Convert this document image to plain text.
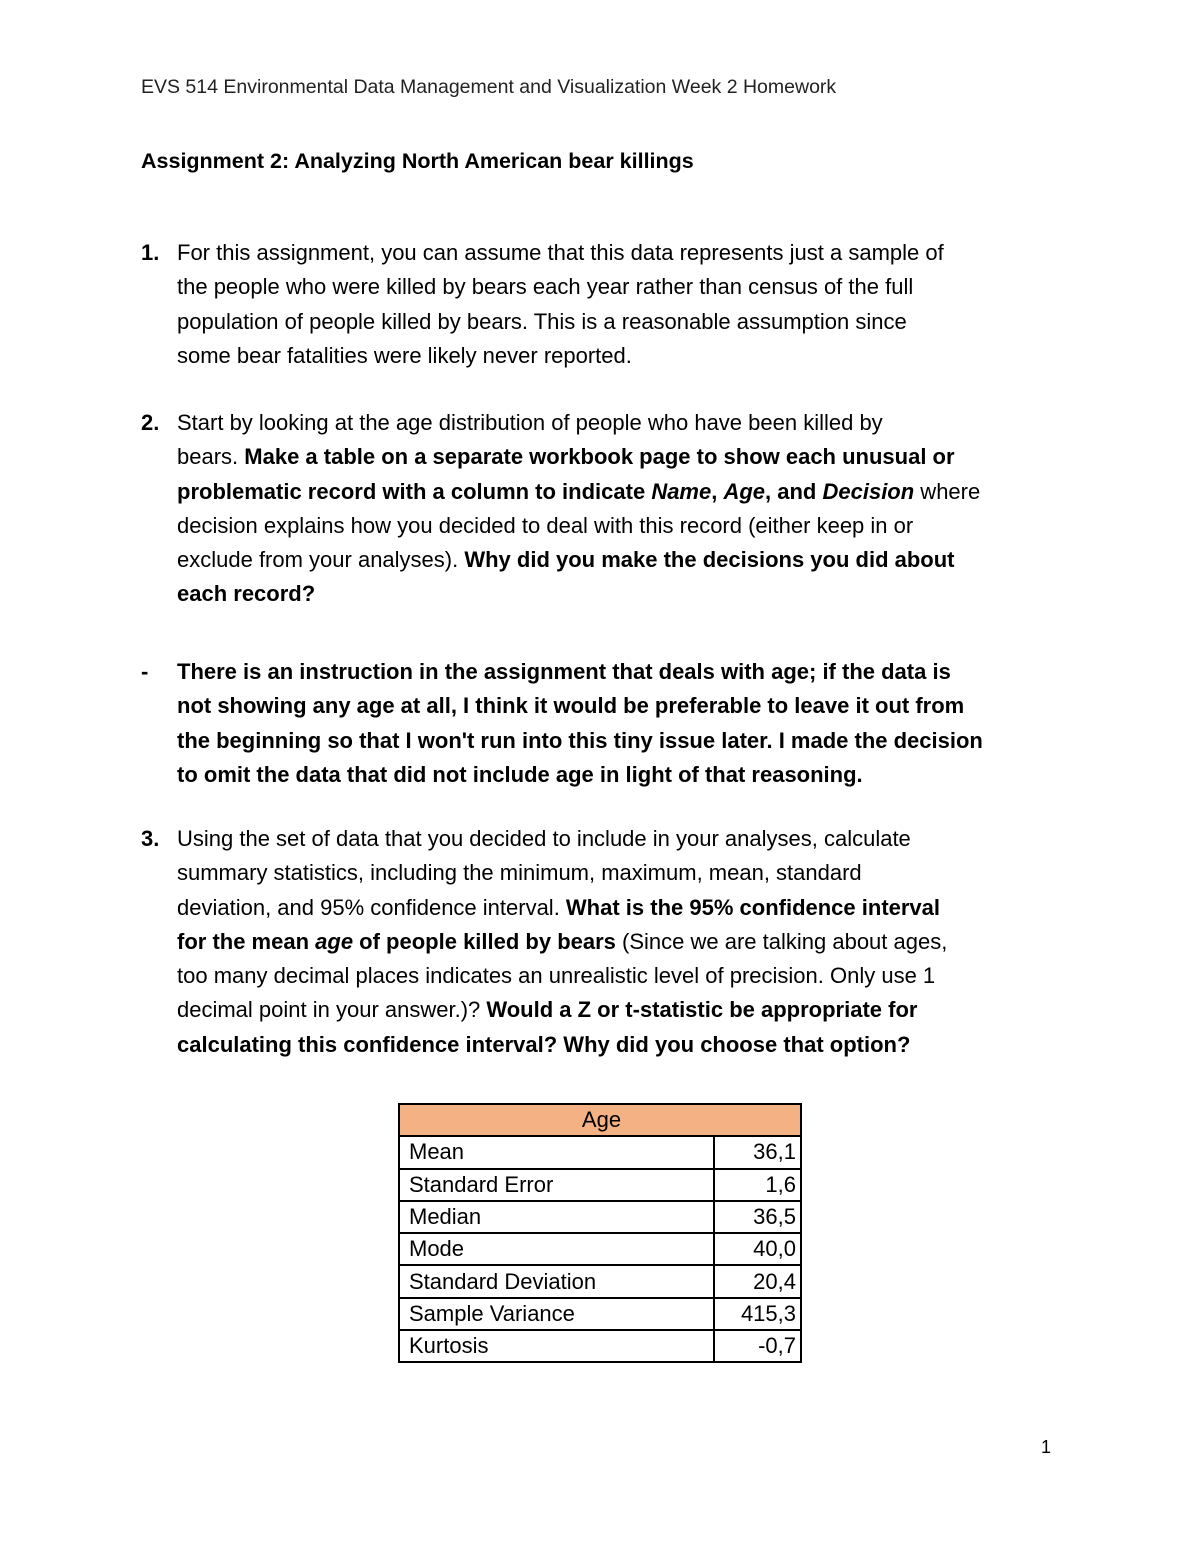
EVS 514 Environmental Data Management and Visualization Week 2 Homework
Assignment 2: Analyzing North American bear killings
1. For this assignment, you can assume that this data represents just a sample of
the people who were killed by bears each year rather than census of the full
population of people killed by bears. This is a reasonable assumption since
some bear fatalities were likely never reported.
2. Start by looking at the age distribution of people who have been killed by
bears. Make a table on a separate workbook page to show each unusual or
problematic record with a column to indicate Name, Age, and Decision where
decision explains how you decided to deal with this record (either keep in or
exclude from your analyses). Why did you make the decisions you did about
each record?
- There is an instruction in the assignment that deals with age; if the data is
not showing any age at all, I think it would be preferable to leave it out from
the beginning so that I won't run into this tiny issue later. I made the decision
to omit the data that did not include age in light of that reasoning.
3. Using the set of data that you decided to include in your analyses, calculate
summary statistics, including the minimum, maximum, mean, standard
deviation, and 95% confidence interval. What is the 95% confidence interval
for the mean age of people killed by bears (Since we are talking about ages,
too many decimal places indicates an unrealistic level of precision. Only use 1
decimal point in your answer.)? Would a Z or t-statistic be appropriate for
calculating this confidence interval? Why did you choose that option?
Age	
Mean	36,1
Standard Error	1,6
Median	36,5
Mode	40,0
Standard Deviation	20,4
Sample Variance	415,3
Kurtosis	-0,7
1
